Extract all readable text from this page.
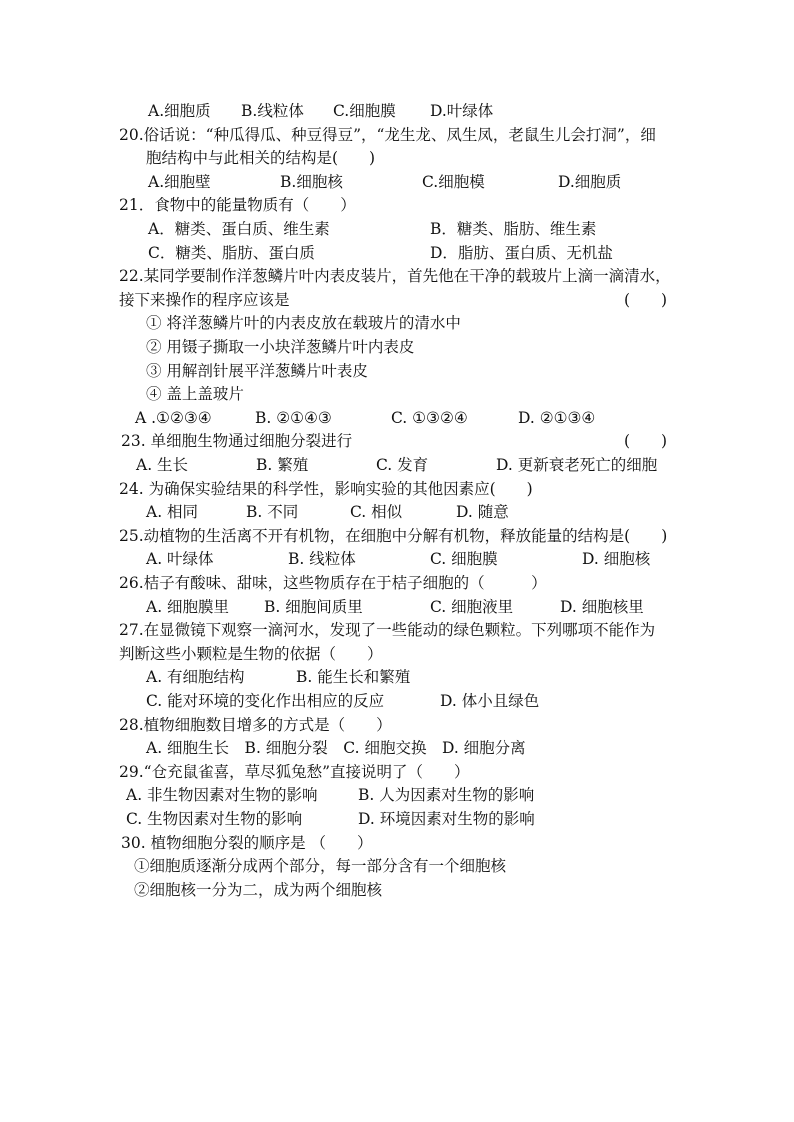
A.细胞质 B.线粒体 C.细胞膜 D.叶绿体
20.俗话说：“种瓜得瓜、种豆得豆”，“龙生龙、凤生凤，老鼠生儿会打洞”，细
胞结构中与此相关的结构是(　　)
A.细胞壁	B.细胞核	C.细胞模	D.细胞质
21．食物中的能量物质有（　　）
A．糖类、蛋白质、维生素	B．糖类、脂肪、维生素
C．糖类、脂肪、蛋白质	D．脂肪、蛋白质、无机盐
22.某同学要制作洋葱鳞片叶内表皮装片，首先他在干净的载玻片上滴一滴清水，
接下来操作的程序应该是	(　　)
① 将洋葱鳞片叶的内表皮放在载玻片的清水中
② 用镊子撕取一小块洋葱鳞片叶内表皮
③ 用解剖针展平洋葱鳞片叶表皮
④ 盖上盖玻片
A .①②③④	B. ②①④③	C. ①③②④	D. ②①③④
23. 单细胞生物通过细胞分裂进行	(　　)
A. 生长	B. 繁殖	C. 发育	D. 更新衰老死亡的细胞
24. 为确保实验结果的科学性，影响实验的其他因素应(　　)
A. 相同	B. 不同	C. 相似	D. 随意
25.动植物的生活离不开有机物，在细胞中分解有机物，释放能量的结构是(　　)
A. 叶绿体	B. 线粒体	C. 细胞膜	D. 细胞核
26.桔子有酸味、甜味，这些物质存在于桔子细胞的（　　　）
A. 细胞膜里 B. 细胞间质里	C. 细胞液里	D. 细胞核里
27.在显微镜下观察一滴河水，发现了一些能动的绿色颗粒。下列哪项不能作为
判断这些小颗粒是生物的依据（　　）
A. 有细胞结构	B. 能生长和繁殖
C. 能对环境的变化作出相应的反应	D. 体小且绿色
28.植物细胞数目增多的方式是（　　）
A. 细胞生长　B. 细胞分裂　C. 细胞交换　D. 细胞分离
29.“仓充鼠雀喜，草尽狐兔愁”直接说明了（　　）
A. 非生物因素对生物的影响	B. 人为因素对生物的影响
C. 生物因素对生物的影响	D. 环境因素对生物的影响
30. 植物细胞分裂的顺序是 （　　）
①细胞质逐渐分成两个部分，每一部分含有一个细胞核
②细胞核一分为二，成为两个细胞核
